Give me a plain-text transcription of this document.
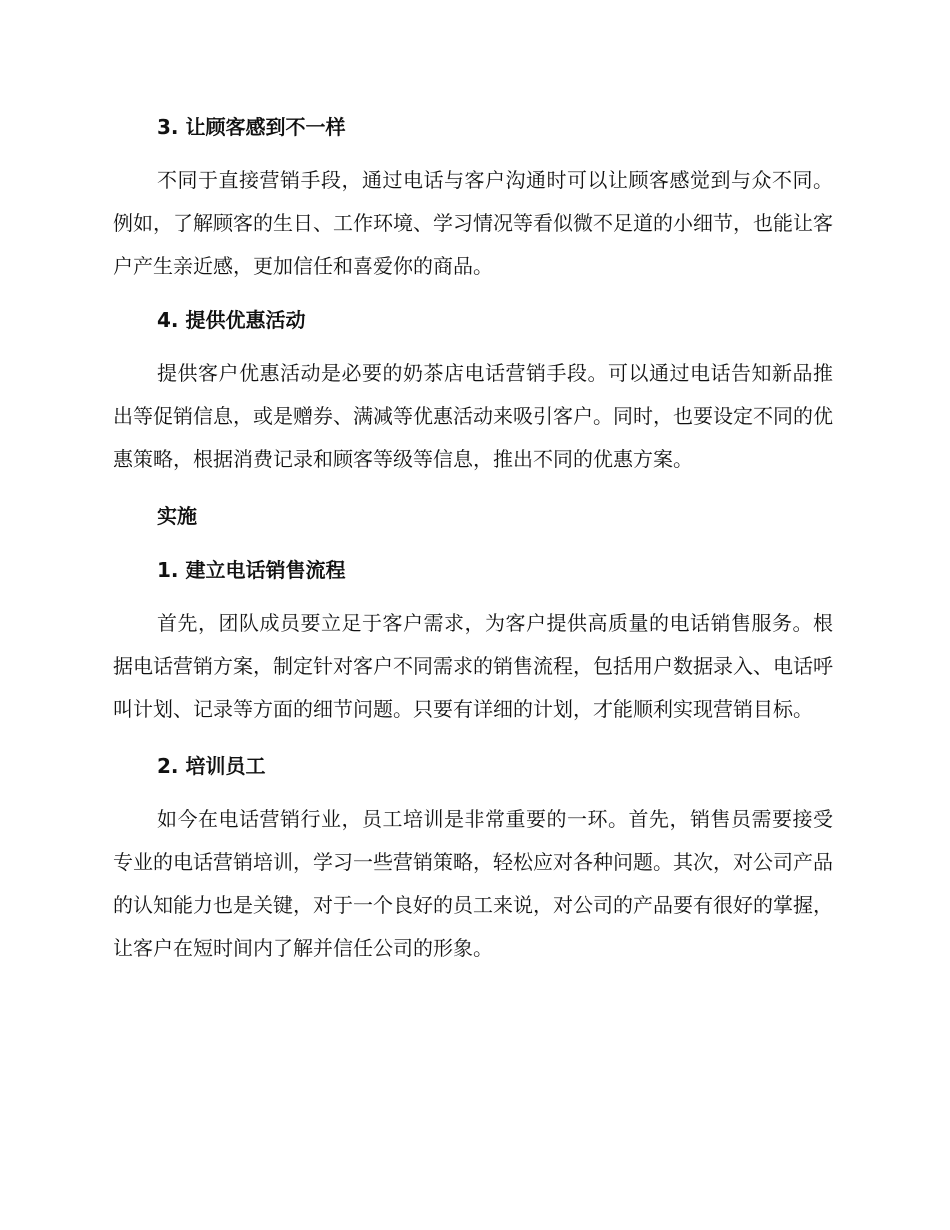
3. 让顾客感到不一样

不同于直接营销手段，通过电话与客户沟通时可以让顾客感觉到与众不同。例如，了解顾客的生日、工作环境、学习情况等看似微不足道的小细节，也能让客户产生亲近感，更加信任和喜爱你的商品。

4. 提供优惠活动

提供客户优惠活动是必要的奶茶店电话营销手段。可以通过电话告知新品推出等促销信息，或是赠券、满减等优惠活动来吸引客户。同时，也要设定不同的优惠策略，根据消费记录和顾客等级等信息，推出不同的优惠方案。

实施

1. 建立电话销售流程

首先，团队成员要立足于客户需求，为客户提供高质量的电话销售服务。根据电话营销方案，制定针对客户不同需求的销售流程，包括用户数据录入、电话呼叫计划、记录等方面的细节问题。只要有详细的计划，才能顺利实现营销目标。

2. 培训员工

如今在电话营销行业，员工培训是非常重要的一环。首先，销售员需要接受专业的电话营销培训，学习一些营销策略，轻松应对各种问题。其次，对公司产品的认知能力也是关键，对于一个良好的员工来说，对公司的产品要有很好的掌握，让客户在短时间内了解并信任公司的形象。
